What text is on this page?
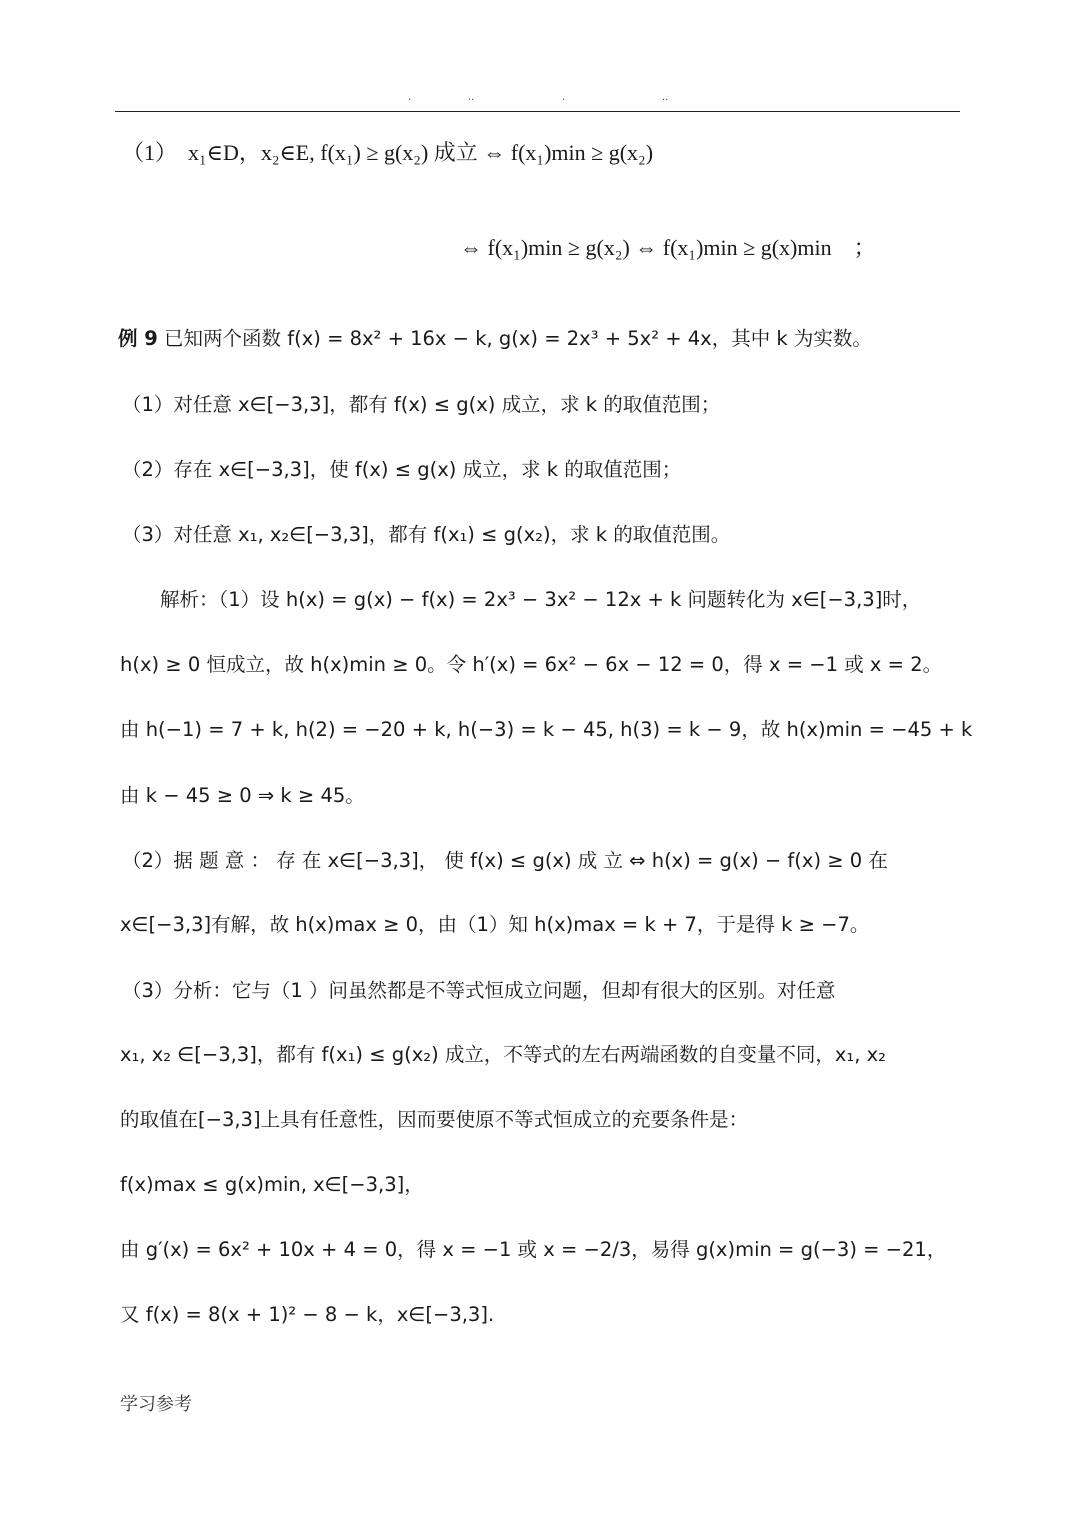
.	..	.	..
（1）　x₁∈D，x₂∈E, f(x₁) ≥ g(x₂) 成立 ⇔ f(x₁)min ≥ g(x₂)
⇔ f(x₁)min ≥ g(x₂) ⇔ f(x₁)min ≥ g(x)min　；
例 9 已知两个函数 f(x) = 8x² + 16x − k, g(x) = 2x³ + 5x² + 4x，其中 k 为实数。
（1）对任意 x∈[−3,3]，都有 f(x) ≤ g(x) 成立，求 k 的取值范围；
（2）存在 x∈[−3,3]，使 f(x) ≤ g(x) 成立，求 k 的取值范围；
（3）对任意 x₁, x₂∈[−3,3]，都有 f(x₁) ≤ g(x₂)，求 k 的取值范围。
解析：（1）设 h(x) = g(x) − f(x) = 2x³ − 3x² − 12x + k 问题转化为 x∈[−3,3]时，
h(x) ≥ 0 恒成立，故 h(x)min ≥ 0。令 h′(x) = 6x² − 6x − 12 = 0，得 x = −1 或 x = 2。
由 h(−1) = 7 + k, h(2) = −20 + k, h(−3) = k − 45, h(3) = k − 9，故 h(x)min = −45 + k
由 k − 45 ≥ 0 ⇒ k ≥ 45。
（2）据 题 意 ： 存 在 x∈[−3,3]， 使 f(x) ≤ g(x) 成 立 ⇔ h(x) = g(x) − f(x) ≥ 0 在
x∈[−3,3]有解，故 h(x)max ≥ 0，由（1）知 h(x)max = k + 7，于是得 k ≥ −7。
（3）分析：它与（1 ）问虽然都是不等式恒成立问题，但却有很大的区别。对任意
x₁, x₂ ∈[−3,3]，都有 f(x₁) ≤ g(x₂) 成立，不等式的左右两端函数的自变量不同，x₁, x₂
的取值在[−3,3]上具有任意性，因而要使原不等式恒成立的充要条件是：
f(x)max ≤ g(x)min, x∈[−3,3]，
由 g′(x) = 6x² + 10x + 4 = 0，得 x = −1 或 x = −2/3，易得 g(x)min = g(−3) = −21，
又 f(x) = 8(x + 1)² − 8 − k，x∈[−3,3].
学习参考
